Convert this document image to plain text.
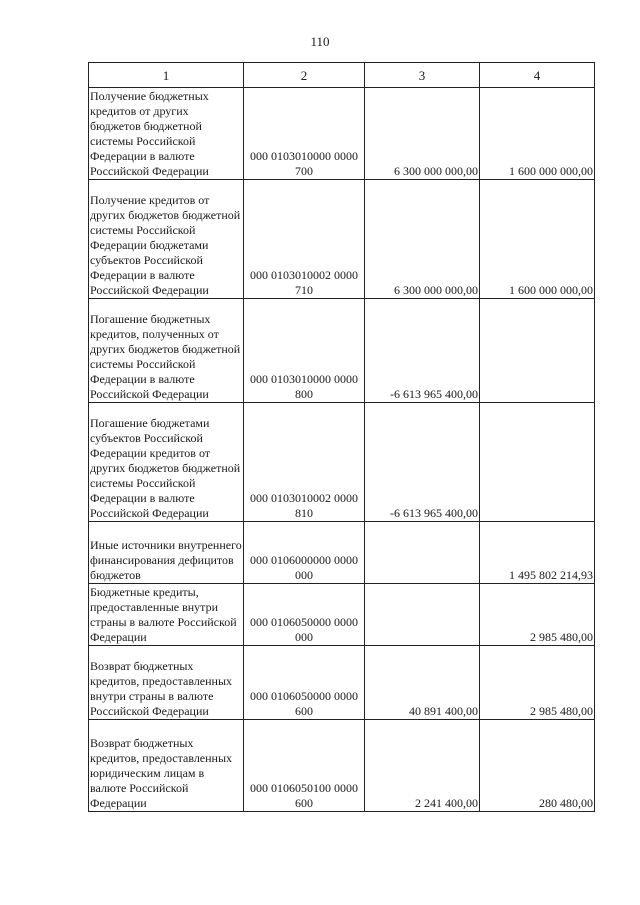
110
1	2	3	4
Получение бюджетных кредитов от других бюджетов бюджетной системы Российской Федерации в валюте Российской Федерации	000 0103010000 0000 700	6 300 000 000,00	1 600 000 000,00
Получение кредитов от других бюджетов бюджетной системы Российской Федерации бюджетами субъектов Российской Федерации в валюте Российской Федерации	000 0103010002 0000 710	6 300 000 000,00	1 600 000 000,00
Погашение бюджетных кредитов, полученных от других бюджетов бюджетной системы Российской Федерации в валюте Российской Федерации	000 0103010000 0000 800	-6 613 965 400,00	
Погашение бюджетами субъектов Российской Федерации кредитов от других бюджетов бюджетной системы Российской Федерации в валюте Российской Федерации	000 0103010002 0000 810	-6 613 965 400,00	
Иные источники внутреннего финансирования дефицитов бюджетов	000 0106000000 0000 000		1 495 802 214,93
Бюджетные кредиты, предоставленные внутри страны в валюте Российской Федерации	000 0106050000 0000 000		2 985 480,00
Возврат бюджетных кредитов, предоставленных внутри страны в валюте Российской Федерации	000 0106050000 0000 600	40 891 400,00	2 985 480,00
Возврат бюджетных кредитов, предоставленных юридическим лицам в валюте Российской Федерации	000 0106050100 0000 600	2 241 400,00	280 480,00
